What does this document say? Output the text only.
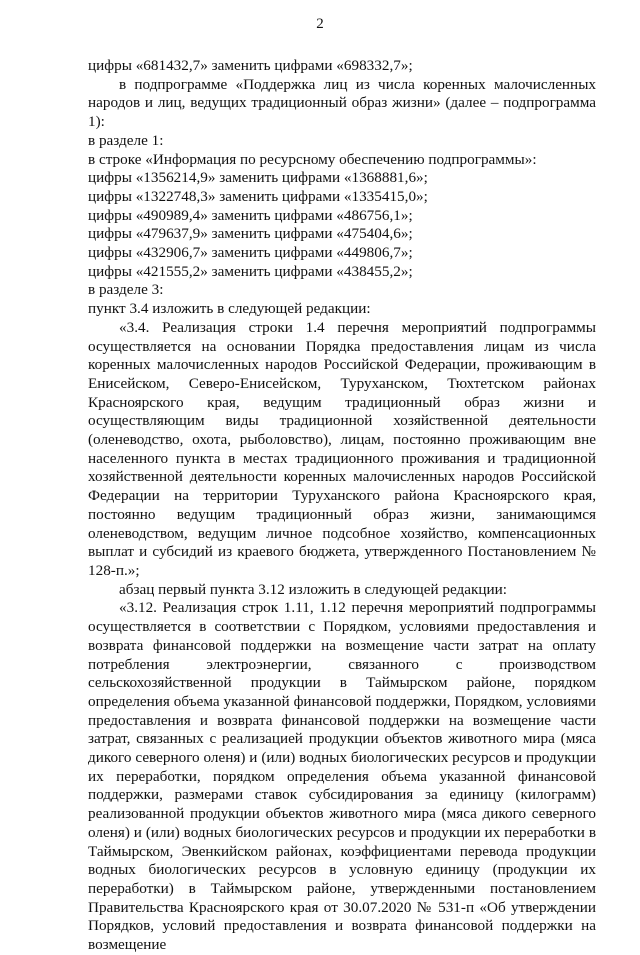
2

цифры «681432,7» заменить цифрами «698332,7»;

в подпрограмме «Поддержка лиц из числа коренных малочисленных народов и лиц, ведущих традиционный образ жизни» (далее – подпрограмма 1):

в разделе 1:

в строке «Информация по ресурсному обеспечению подпрограммы»:

цифры «1356214,9» заменить цифрами «1368881,6»;

цифры «1322748,3» заменить цифрами «1335415,0»;

цифры «490989,4» заменить цифрами «486756,1»;

цифры «479637,9» заменить цифрами «475404,6»;

цифры «432906,7» заменить цифрами «449806,7»;

цифры «421555,2» заменить цифрами «438455,2»;

в разделе 3:

пункт 3.4 изложить в следующей редакции:

«3.4. Реализация строки 1.4 перечня мероприятий подпрограммы осуществляется на основании Порядка предоставления лицам из числа коренных малочисленных народов Российской Федерации, проживающим в Енисейском, Северо-Енисейском, Туруханском, Тюхтетском районах Красноярского края, ведущим традиционный образ жизни и осуществляющим виды традиционной хозяйственной деятельности (оленеводство, охота, рыболовство), лицам, постоянно проживающим вне населенного пункта в местах традиционного проживания и традиционной хозяйственной деятельности коренных малочисленных народов Российской Федерации на территории Туруханского района Красноярского края, постоянно ведущим традиционный образ жизни, занимающимся оленеводством, ведущим личное подсобное хозяйство, компенсационных выплат и субсидий из краевого бюджета, утвержденного Постановлением № 128-п.»;

абзац первый пункта 3.12 изложить в следующей редакции:

«3.12. Реализация строк 1.11, 1.12 перечня мероприятий подпрограммы осуществляется в соответствии с Порядком, условиями предоставления и возврата финансовой поддержки на возмещение части затрат на оплату потребления электроэнергии, связанного с производством сельскохозяйственной продукции в Таймырском районе, порядком определения объема указанной финансовой поддержки, Порядком, условиями предоставления и возврата финансовой поддержки на возмещение части затрат, связанных с реализацией продукции объектов животного мира (мяса дикого северного оленя) и (или) водных биологических ресурсов и продукции их переработки, порядком определения объема указанной финансовой поддержки, размерами ставок субсидирования за единицу (килограмм) реализованной продукции объектов животного мира (мяса дикого северного оленя) и (или) водных биологических ресурсов и продукции их переработки в Таймырском, Эвенкийском районах, коэффициентами перевода продукции водных биологических ресурсов в условную единицу (продукции их переработки) в Таймырском районе, утвержденными постановлением Правительства Красноярского края от 30.07.2020 № 531-п «Об утверждении Порядков, условий предоставления и возврата финансовой поддержки на возмещение
